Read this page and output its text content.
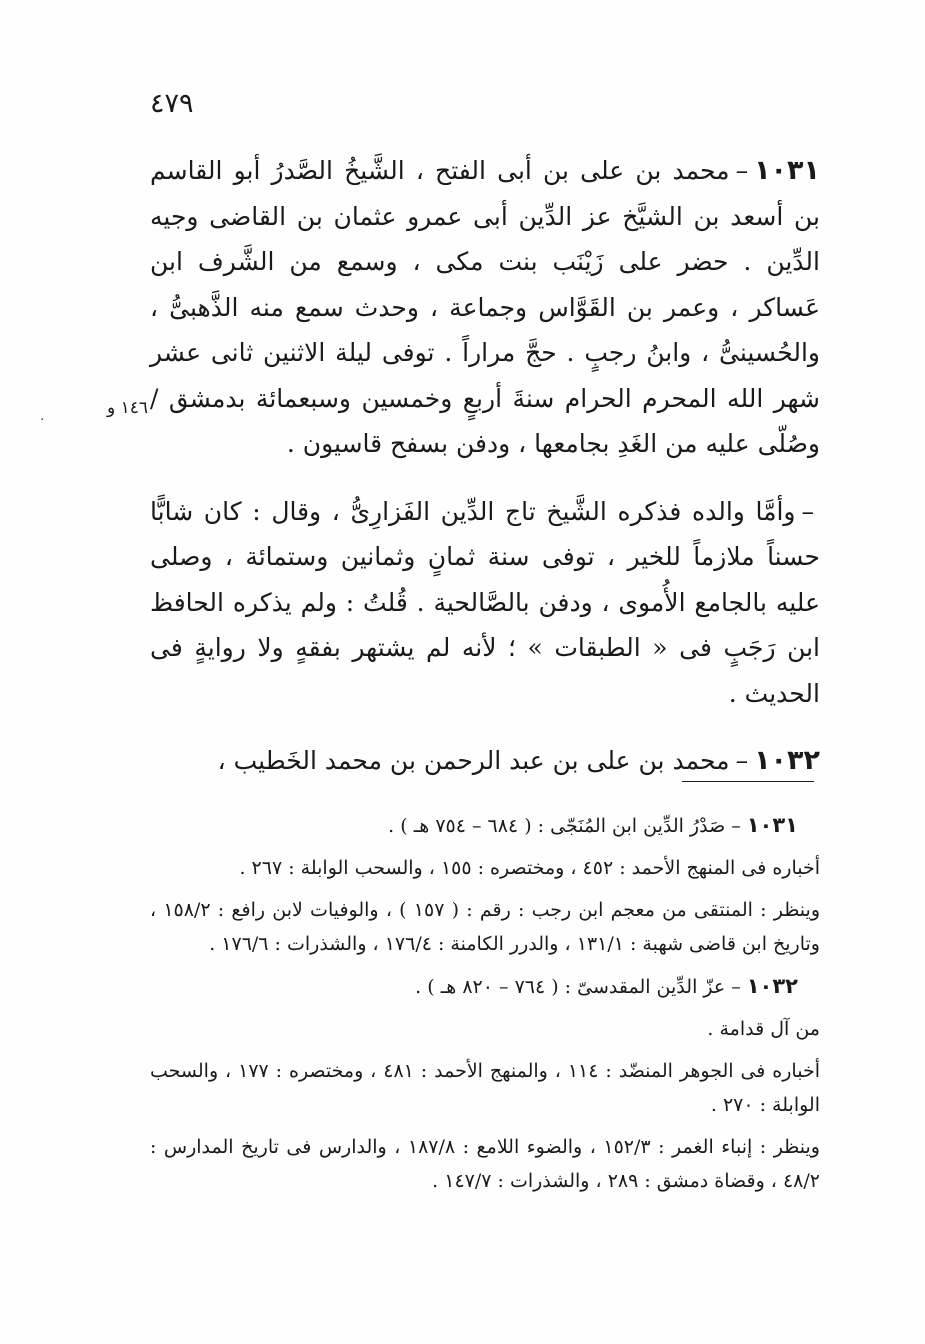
٤٧٩

١٠٣١–محمد بن على بن أبى الفتح ، الشَّيخُ الصَّدرُ أبو القاسم بن أسعد بن الشيَّخ عز الدِّين أبى عمرو عثمان بن القاضى وجيه الدِّين . حضر على زَيْنَب بنت مكى ، وسمع من الشَّرف ابن عَساكر ، وعمر بن القَوَّاس وجماعة ، وحدث سمع منه الذَّهبىُّ ، والحُسينىُّ ، وابنُ رجبٍ . حجَّ مراراً . توفى ليلة الاثنين ثانى عشر شهر الله المحرم الحرام سنةَ أربعٍ وخمسين وسبعمائة بدمشق / وصُلّى عليه من الغَدِ بجامعها ، ودفن بسفح قاسيون .

–وأمَّا والده فذكره الشَّيخ تاج الدِّين الفَزارِىُّ ، وقال : كان شابًّا حسناً ملازماً للخير ، توفى سنة ثمانٍ وثمانين وستمائة ، وصلى عليه بالجامع الأُموى ، ودفن بالصَّالحية . قُلتُ : ولم يذكره الحافظ ابن رَجَبٍ فى « الطبقات » ؛ لأنه لم يشتهر بفقهٍ ولا روايةٍ فى الحديث .

١٠٣٢–محمد بن على بن عبد الرحمن بن محمد الخَطيب ،

١٤٦ و
·

١٠٣١–صَدْرُ الدِّين ابن المُنَجّى : ( ٦٨٤ – ٧٥٤ هـ ) .

أخباره فى المنهج الأحمد : ٤٥٢ ، ومختصره : ١٥٥ ، والسحب الوابلة : ٢٦٧ .

وينظر : المنتقى من معجم ابن رجب : رقم : ( ١٥٧ ) ، والوفيات لابن رافع : ١٥٨/٢ ، وتاريخ ابن قاضى شهبة : ١٣١/١ ، والدرر الكامنة : ١٧٦/٤ ، والشذرات : ١٧٦/٦ .

١٠٣٢–عزّ الدِّين المقدسىّ : ( ٧٦٤ – ٨٢٠ هـ ) .

من آل قدامة .

أخباره فى الجوهر المنضّد : ١١٤ ، والمنهج الأحمد : ٤٨١ ، ومختصره : ١٧٧ ، والسحب الوابلة : ٢٧٠ .

وينظر : إنباء الغمر : ١٥٢/٣ ، والضوء اللامع : ١٨٧/٨ ، والدارس فى تاريخ المدارس : ٤٨/٢ ، وقضاة دمشق : ٢٨٩ ، والشذرات : ١٤٧/٧ .
